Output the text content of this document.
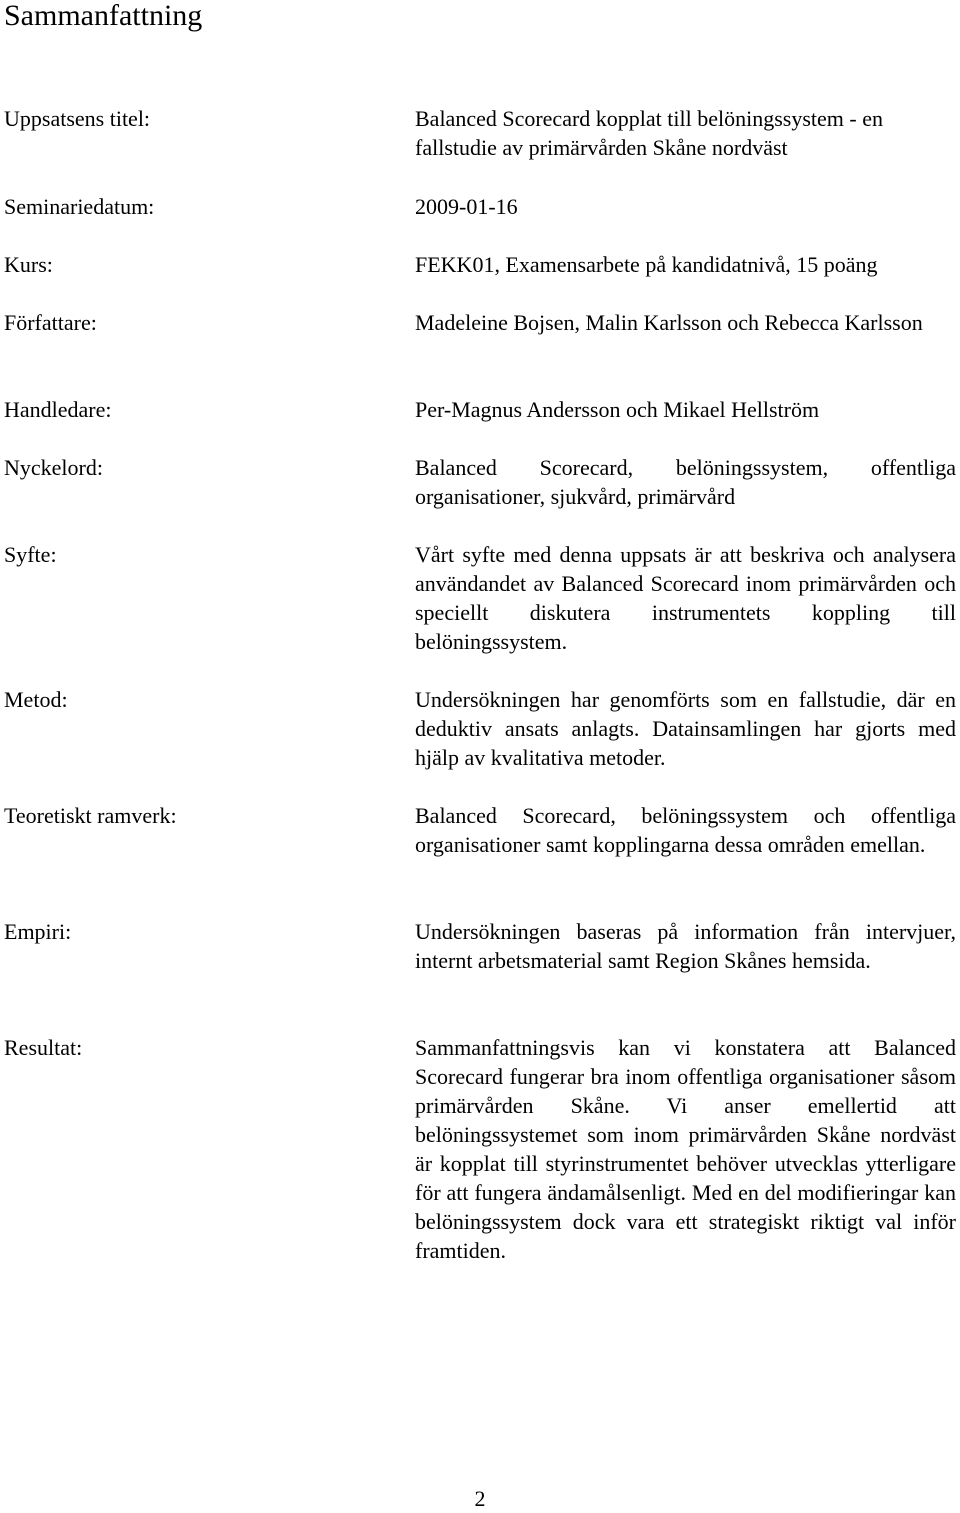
Sammanfattning
Uppsatsens titel:	Balanced Scorecard kopplat till belöningssystem - en fallstudie av primärvården Skåne nordväst
Seminariedatum:	2009-01-16
Kurs:	FEKK01, Examensarbete på kandidatnivå, 15 poäng
Författare:	Madeleine Bojsen, Malin Karlsson och Rebecca Karlsson
Handledare:	Per-Magnus Andersson och Mikael Hellström
Nyckelord:	Balanced Scorecard, belöningssystem, offentliga organisationer, sjukvård, primärvård
Syfte:	Vårt syfte med denna uppsats är att beskriva och analysera användandet av Balanced Scorecard inom primärvården och speciellt diskutera instrumentets koppling till belöningssystem.
Metod:	Undersökningen har genomförts som en fallstudie, där en deduktiv ansats anlagts. Datainsamlingen har gjorts med hjälp av kvalitativa metoder.
Teoretiskt ramverk:	Balanced Scorecard, belöningssystem och offentliga organisationer samt kopplingarna dessa områden emellan.
Empiri:	Undersökningen baseras på information från intervjuer, internt arbetsmaterial samt Region Skånes hemsida.
Resultat:	Sammanfattningsvis kan vi konstatera att Balanced Scorecard fungerar bra inom offentliga organisationer såsom primärvården Skåne. Vi anser emellertid att belöningssystemet som inom primärvården Skåne nordväst är kopplat till styrinstrumentet behöver utvecklas ytterligare för att fungera ändamålsenligt. Med en del modifieringar kan belöningssystem dock vara ett strategiskt riktigt val inför framtiden.
2
